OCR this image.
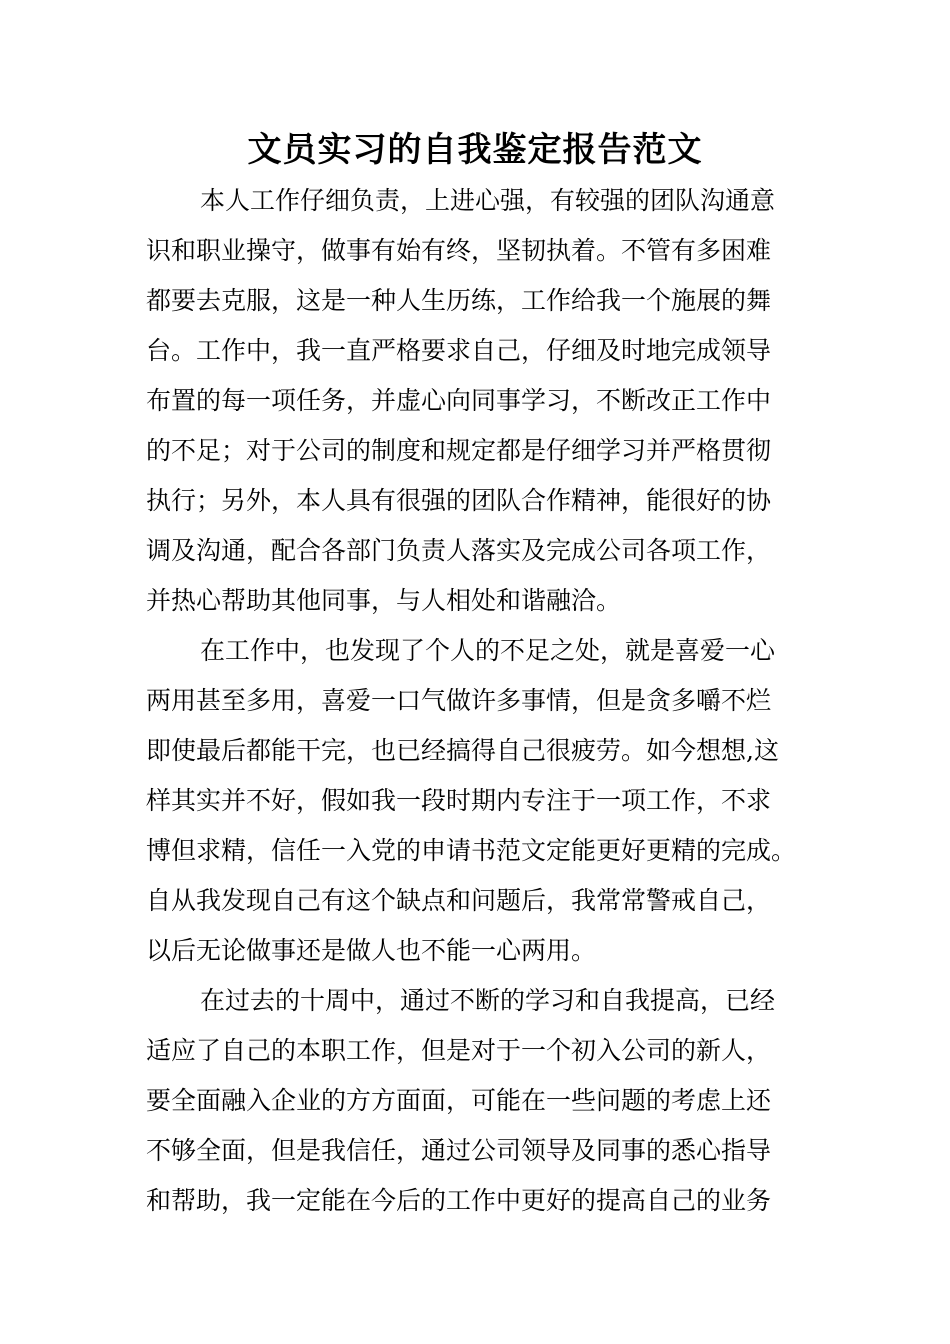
文员实习的自我鉴定报告范文
本人工作仔细负责，上进心强，有较强的团队沟通意
识和职业操守，做事有始有终，坚韧执着。不管有多困难
都要去克服，这是一种人生历练，工作给我一个施展的舞
台。工作中，我一直严格要求自己，仔细及时地完成领导
布置的每一项任务，并虚心向同事学习，不断改正工作中
的不足；对于公司的制度和规定都是仔细学习并严格贯彻
执行；另外，本人具有很强的团队合作精神，能很好的协
调及沟通，配合各部门负责人落实及完成公司各项工作，
并热心帮助其他同事，与人相处和谐融洽。
在工作中，也发现了个人的不足之处，就是喜爱一心
两用甚至多用，喜爱一口气做许多事情，但是贪多嚼不烂
即使最后都能干完，也已经搞得自己很疲劳。如今想想,这
样其实并不好，假如我一段时期内专注于一项工作，不求
博但求精，信任一入党的申请书范文定能更好更精的完成。
自从我发现自己有这个缺点和问题后，我常常警戒自己，
以后无论做事还是做人也不能一心两用。
在过去的十周中，通过不断的学习和自我提高，已经
适应了自己的本职工作，但是对于一个初入公司的新人，
要全面融入企业的方方面面，可能在一些问题的考虑上还
不够全面，但是我信任，通过公司领导及同事的悉心指导
和帮助，我一定能在今后的工作中更好的提高自己的业务
